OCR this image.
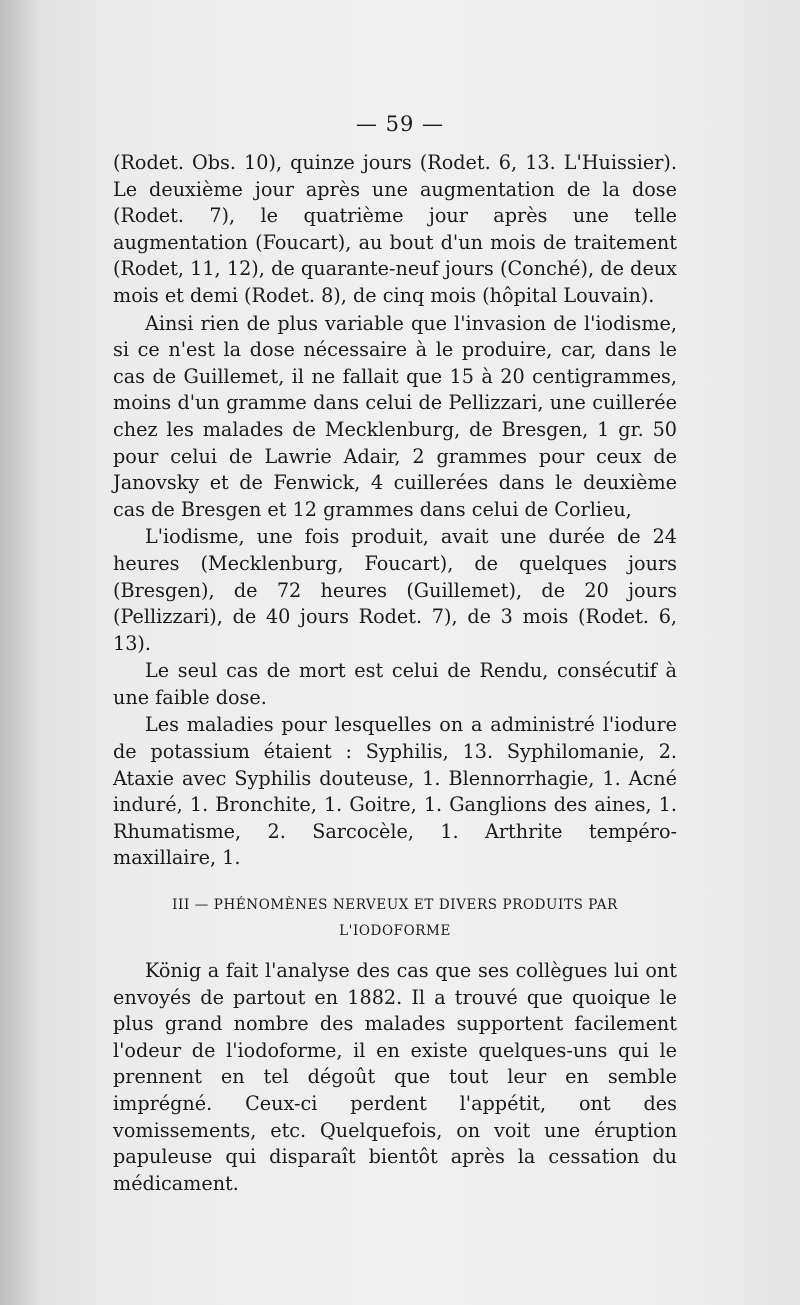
— 59 —

(Rodet. Obs. 10), quinze jours (Rodet. 6, 13. L'Huissier). Le deuxième jour après une augmentation de la dose (Rodet. 7), le quatrième jour après une telle augmentation (Foucart), au bout d'un mois de traitement (Rodet, 11, 12), de quarante-neuf jours (Conché), de deux mois et demi (Rodet. 8), de cinq mois (hôpital Louvain).

Ainsi rien de plus variable que l'invasion de l'iodisme, si ce n'est la dose nécessaire à le produire, car, dans le cas de Guillemet, il ne fallait que 15 à 20 centigrammes, moins d'un gramme dans celui de Pellizzari, une cuillerée chez les malades de Mecklenburg, de Bresgen, 1 gr. 50 pour celui de Lawrie Adair, 2 grammes pour ceux de Janovsky et de Fenwick, 4 cuillerées dans le deuxième cas de Bresgen et 12 grammes dans celui de Corlieu,

L'iodisme, une fois produit, avait une durée de 24 heures (Mecklenburg, Foucart), de quelques jours (Bresgen), de 72 heures (Guillemet), de 20 jours (Pellizzari), de 40 jours Rodet. 7), de 3 mois (Rodet. 6, 13).

Le seul cas de mort est celui de Rendu, consécutif à une faible dose.

Les maladies pour lesquelles on a administré l'iodure de potassium étaient : Syphilis, 13. Syphilomanie, 2. Ataxie avec Syphilis douteuse, 1. Blennorrhagie, 1. Acné induré, 1. Bronchite, 1. Goitre, 1. Ganglions des aines, 1. Rhumatisme, 2. Sarcocèle, 1. Arthrite tempéro-maxillaire, 1.

III — PHÉNOMÈNES NERVEUX ET DIVERS PRODUITS PAR
L'IODOFORME

König a fait l'analyse des cas que ses collègues lui ont envoyés de partout en 1882. Il a trouvé que quoique le plus grand nombre des malades supportent facilement l'odeur de l'iodoforme, il en existe quelques-uns qui le prennent en tel dégoût que tout leur en semble imprégné. Ceux-ci perdent l'appétit, ont des vomissements, etc. Quelquefois, on voit une éruption papuleuse qui disparaît bientôt après la cessation du médicament.
